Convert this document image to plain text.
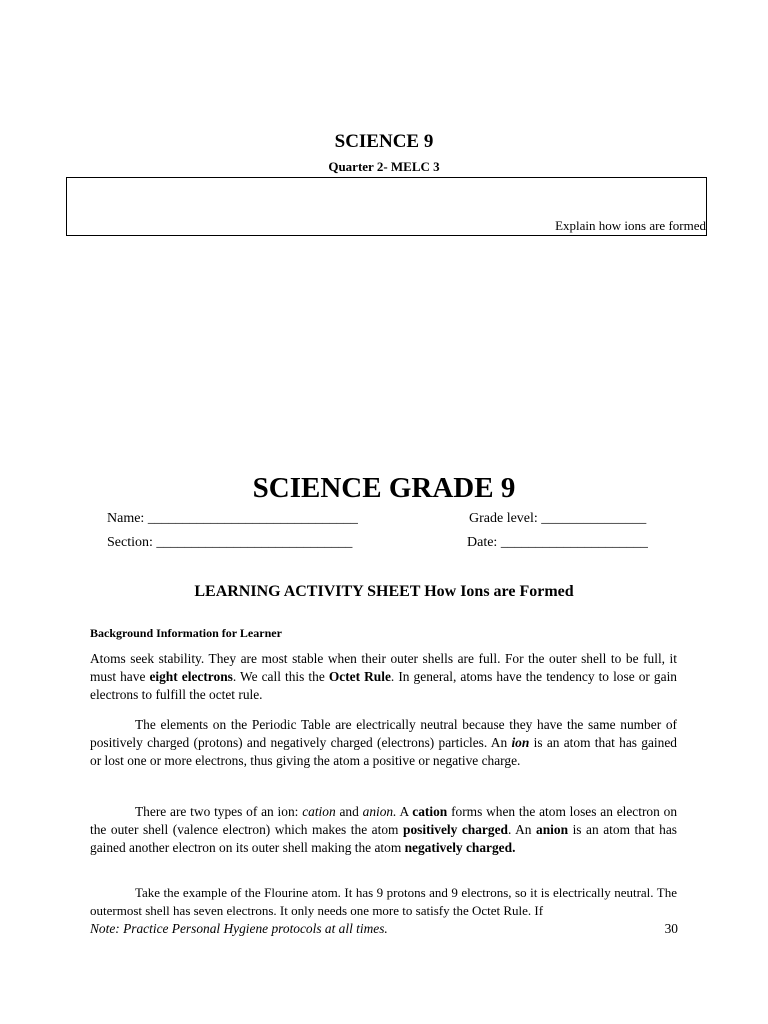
SCIENCE 9
Quarter 2- MELC 3
Explain how ions are formed
SCIENCE GRADE 9
Name: ______________________________	Grade level: _______________
Section: ____________________________	Date: _____________________
LEARNING ACTIVITY SHEET How Ions are Formed
Background Information for Learner
Atoms seek stability. They are most stable when their outer shells are full. For the outer shell to be full, it must have eight electrons. We call this the Octet Rule. In general, atoms have the tendency to lose or gain electrons to fulfill the octet rule.
The elements on the Periodic Table are electrically neutral because they have the same number of positively charged (protons) and negatively charged (electrons) particles. An ion is an atom that has gained or lost one or more electrons, thus giving the atom a positive or negative charge.
There are two types of an ion: cation and anion. A cation forms when the atom loses an electron on the outer shell (valence electron) which makes the atom positively charged. An anion is an atom that has gained another electron on its outer shell making the atom negatively charged.
Take the example of the Flourine atom. It has 9 protons and 9 electrons, so it is electrically neutral. The outermost shell has seven electrons. It only needs one more to satisfy the Octet Rule. If
Note: Practice Personal Hygiene protocols at all times.	30
